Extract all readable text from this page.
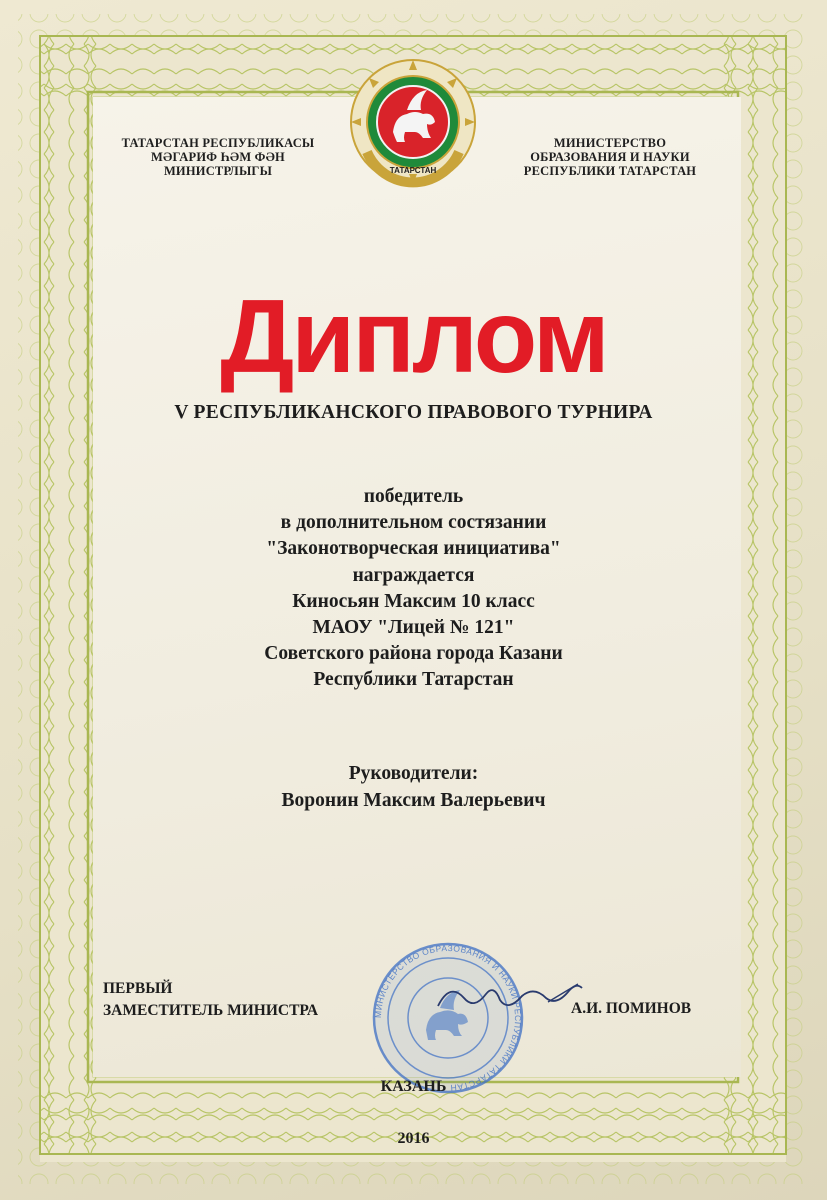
ТАТАРСТАН
ТАТАРСТАН РЕСПУБЛИКАСЫ
МӘГАРИФ ҺӘМ ФӘН
МИНИСТРЛЫГЫ
МИНИСТЕРСТВО
ОБРАЗОВАНИЯ И НАУКИ
РЕСПУБЛИКИ ТАТАРСТАН
Диплом
V РЕСПУБЛИКАНСКОГО ПРАВОВОГО ТУРНИРА
победитель
в дополнительном состязании
"Законотворческая инициатива"
награждается
Киносьян Максим 10 класс
МАОУ "Лицей № 121"
Советского района города Казани
Республики Татарстан
Руководители:
Воронин Максим Валерьевич
МИНИСТЕРСТВО ОБРАЗОВАНИЯ И НАУКИ РЕСПУБЛИКИ ТАТАРСТАН
ПЕРВЫЙ
ЗАМЕСТИТЕЛЬ МИНИСТРА	А.И. ПОМИНОВ
КАЗАНЬ
2016
